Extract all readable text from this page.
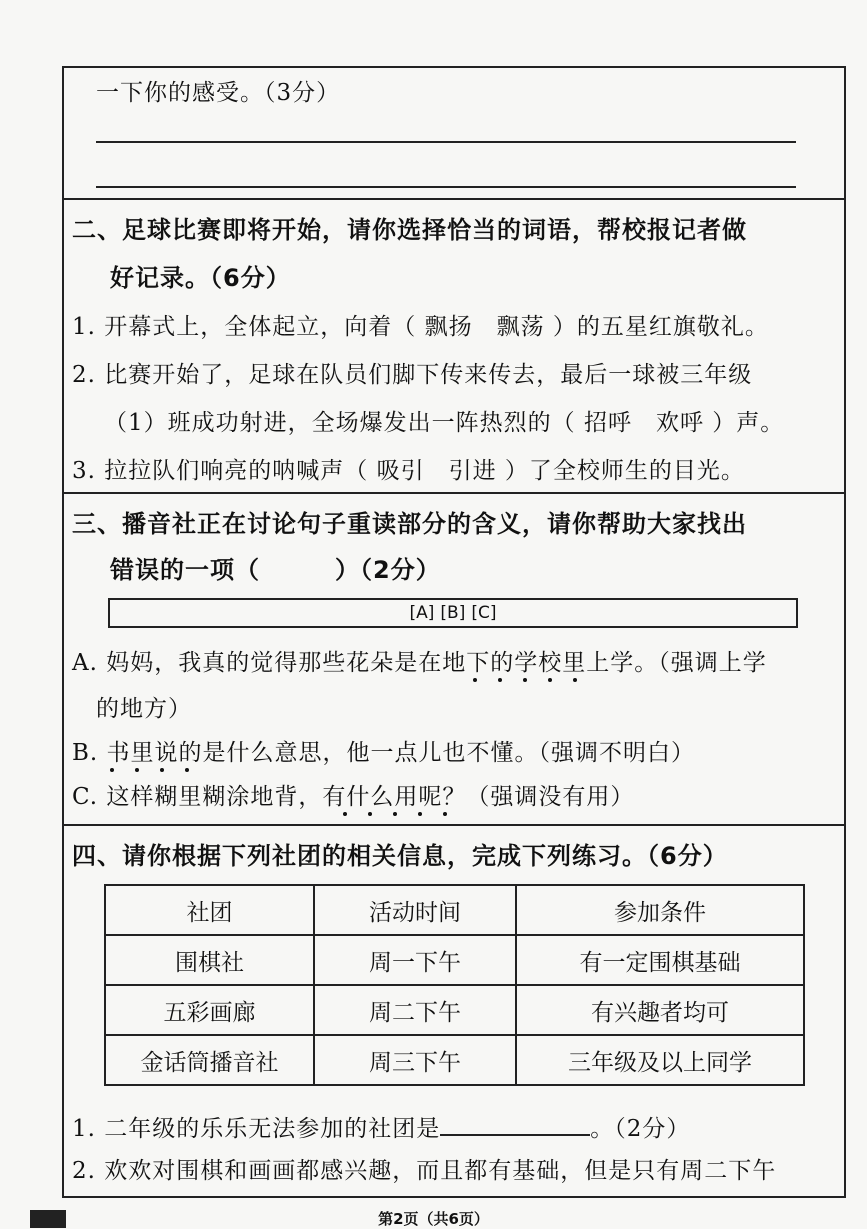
一下你的感受。（3分）
二、足球比赛即将开始，请你选择恰当的词语，帮校报记者做
好记录。（6分）
1. 开幕式上，全体起立，向着（ 飘扬　飘荡 ）的五星红旗敬礼。
2. 比赛开始了，足球在队员们脚下传来传去，最后一球被三年级
（1）班成功射进，全场爆发出一阵热烈的（ 招呼　欢呼 ）声。
3. 拉拉队们响亮的呐喊声（ 吸引　引进 ）了全校师生的目光。
三、播音社正在讨论句子重读部分的含义，请你帮助大家找出
错误的一项（　　　）（2分）
[A] [B] [C]
A. 妈妈，我真的觉得那些花朵是在地下的学校里上学。（强调上学
的地方）
B. 书里说的是什么意思，他一点儿也不懂。（强调不明白）
C. 这样糊里糊涂地背，有什么用呢？（强调没有用）
四、请你根据下列社团的相关信息，完成下列练习。（6分）
社团	活动时间	参加条件
围棋社	周一下午	有一定围棋基础
五彩画廊	周二下午	有兴趣者均可
金话筒播音社	周三下午	三年级及以上同学
1. 二年级的乐乐无法参加的社团是	。（2分）
2. 欢欢对围棋和画画都感兴趣，而且都有基础，但是只有周二下午
第2页（共6页）
